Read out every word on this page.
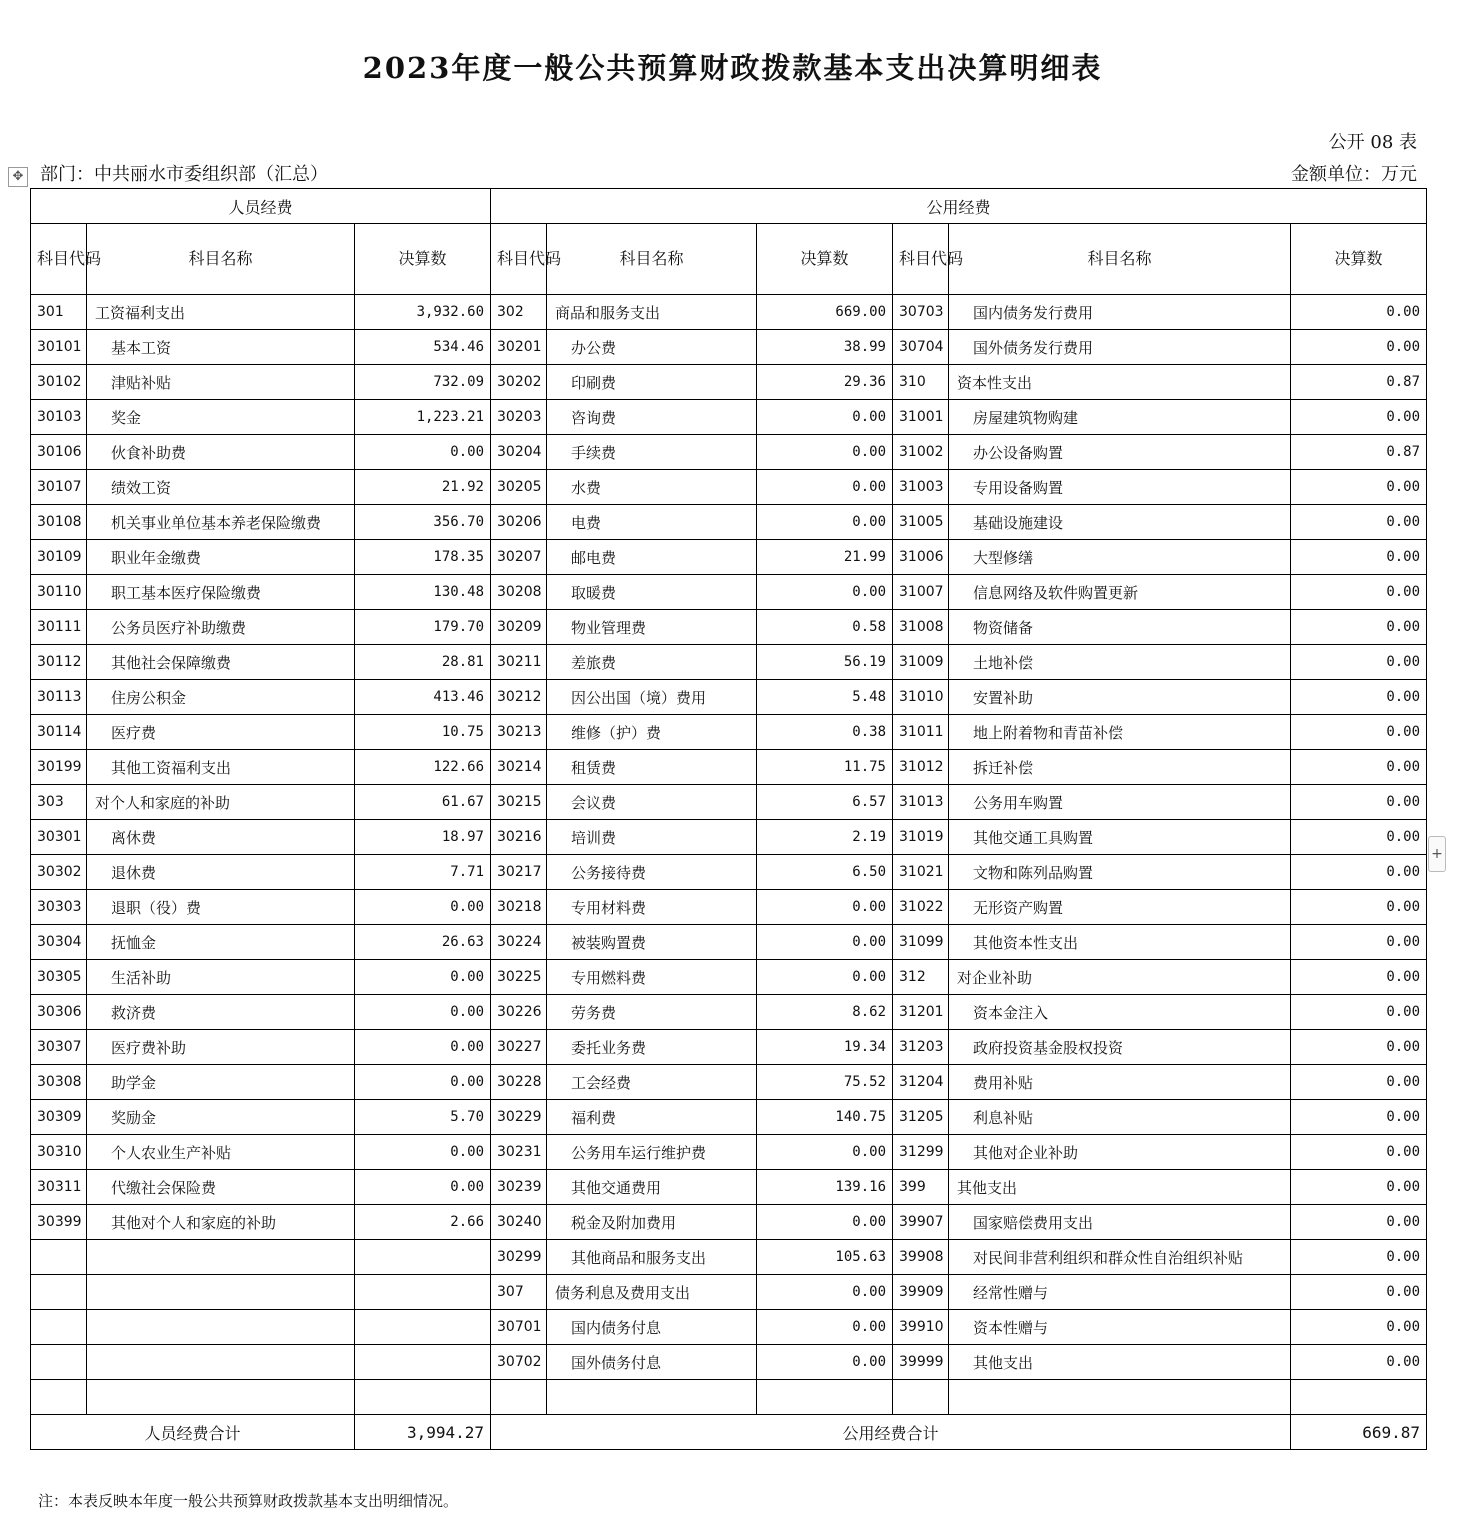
2023年度一般公共预算财政拨款基本支出决算明细表
公开 08 表
✥ 部门：中共丽水市委组织部（汇总）	金额单位：万元
+
人员经费			公用经费					
科目代码	科目名称	决算数	科目代码	科目名称	决算数	科目代码	科目名称	决算数
301	工资福利支出	3,932.60	302	商品和服务支出	669.00	30703	国内债务发行费用	0.00
30101	基本工资	534.46	30201	办公费	38.99	30704	国外债务发行费用	0.00
30102	津贴补贴	732.09	30202	印刷费	29.36	310	资本性支出	0.87
30103	奖金	1,223.21	30203	咨询费	0.00	31001	房屋建筑物购建	0.00
30106	伙食补助费	0.00	30204	手续费	0.00	31002	办公设备购置	0.87
30107	绩效工资	21.92	30205	水费	0.00	31003	专用设备购置	0.00
30108	机关事业单位基本养老保险缴费	356.70	30206	电费	0.00	31005	基础设施建设	0.00
30109	职业年金缴费	178.35	30207	邮电费	21.99	31006	大型修缮	0.00
30110	职工基本医疗保险缴费	130.48	30208	取暖费	0.00	31007	信息网络及软件购置更新	0.00
30111	公务员医疗补助缴费	179.70	30209	物业管理费	0.58	31008	物资储备	0.00
30112	其他社会保障缴费	28.81	30211	差旅费	56.19	31009	土地补偿	0.00
30113	住房公积金	413.46	30212	因公出国（境）费用	5.48	31010	安置补助	0.00
30114	医疗费	10.75	30213	维修（护）费	0.38	31011	地上附着物和青苗补偿	0.00
30199	其他工资福利支出	122.66	30214	租赁费	11.75	31012	拆迁补偿	0.00
303	对个人和家庭的补助	61.67	30215	会议费	6.57	31013	公务用车购置	0.00
30301	离休费	18.97	30216	培训费	2.19	31019	其他交通工具购置	0.00
30302	退休费	7.71	30217	公务接待费	6.50	31021	文物和陈列品购置	0.00
30303	退职（役）费	0.00	30218	专用材料费	0.00	31022	无形资产购置	0.00
30304	抚恤金	26.63	30224	被装购置费	0.00	31099	其他资本性支出	0.00
30305	生活补助	0.00	30225	专用燃料费	0.00	312	对企业补助	0.00
30306	救济费	0.00	30226	劳务费	8.62	31201	资本金注入	0.00
30307	医疗费补助	0.00	30227	委托业务费	19.34	31203	政府投资基金股权投资	0.00
30308	助学金	0.00	30228	工会经费	75.52	31204	费用补贴	0.00
30309	奖励金	5.70	30229	福利费	140.75	31205	利息补贴	0.00
30310	个人农业生产补贴	0.00	30231	公务用车运行维护费	0.00	31299	其他对企业补助	0.00
30311	代缴社会保险费	0.00	30239	其他交通费用	139.16	399	其他支出	0.00
30399	其他对个人和家庭的补助	2.66	30240	税金及附加费用	0.00	39907	国家赔偿费用支出	0.00
			30299	其他商品和服务支出	105.63	39908	对民间非营利组织和群众性自治组织补贴	0.00
			307	债务利息及费用支出	0.00	39909	经常性赠与	0.00
			30701	国内债务付息	0.00	39910	资本性赠与	0.00
			30702	国外债务付息	0.00	39999	其他支出	0.00

人员经费合计		3,994.27	公用经费合计					669.87
注：本表反映本年度一般公共预算财政拨款基本支出明细情况。
